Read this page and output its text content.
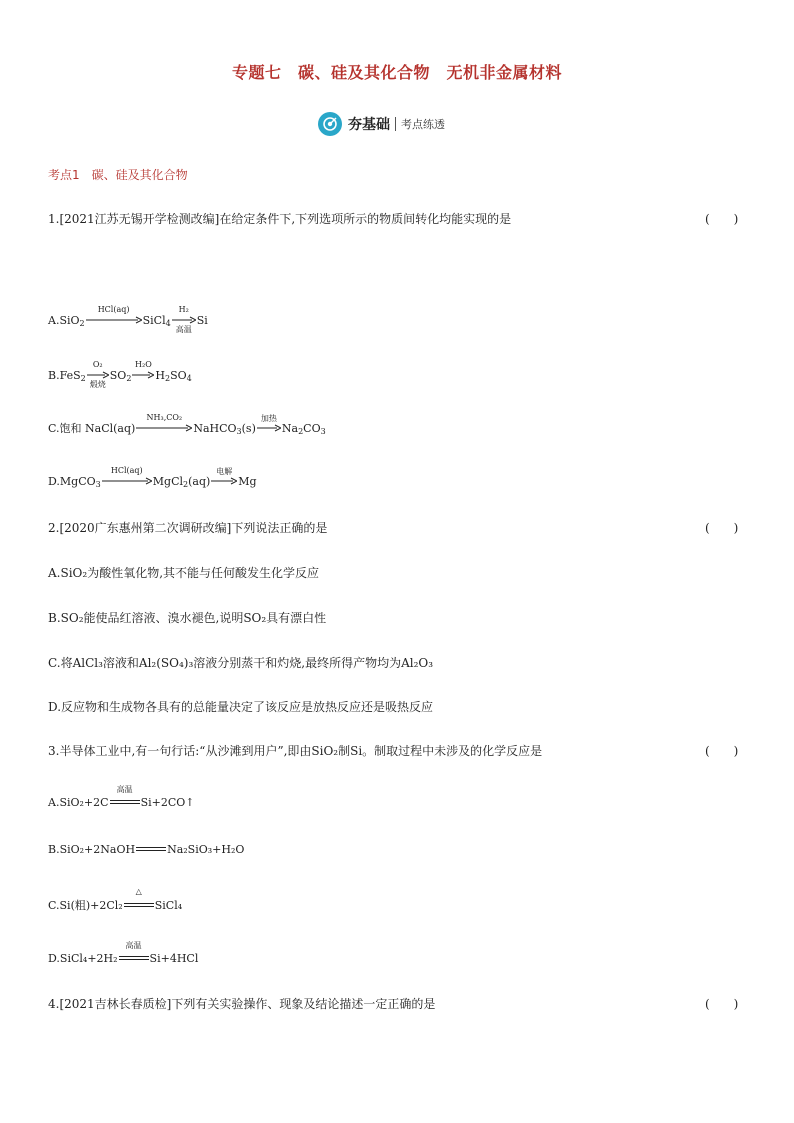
专题七　碳、硅及其化合物　无机非金属材料
夯基础 考点练透
考点1　碳、硅及其化合物
1.[2021江苏无锡开学检测改编]在给定条件下,下列选项所示的物质间转化均能实现的是	(　　)
A.SiO$_2$
HCl(aq)
SiCl$_4$
H₂
高温
Si
B.FeS$_2$
O₂
煅烧
$SO_2$
H₂O
$H_2SO_4$
C.饱和 NaCl(aq)
NH₃,CO₂
NaHCO$_3$(s)
加热
$Na_2CO_3$
D.MgCO$_3$
HCl(aq)
MgCl$_2$(aq)
电解
Mg
2.[2020广东惠州第二次调研改编]下列说法正确的是	(　　)
A.SiO₂为酸性氧化物,其不能与任何酸发生化学反应
B.SO₂能使品红溶液、溴水褪色,说明SO₂具有漂白性
C.将AlCl₃溶液和Al₂(SO₄)₃溶液分别蒸干和灼烧,最终所得产物均为Al₂O₃
D.反应物和生成物各具有的总能量决定了该反应是放热反应还是吸热反应
3.半导体工业中,有一句行话:“从沙滩到用户”,即由SiO₂制Si。制取过程中未涉及的化学反应是	(　　)
A.SiO₂+2C
高温
Si+2CO↑
B.SiO₂+2NaOH	Na₂SiO₃+H₂O
C.Si(粗)+2Cl₂
△
SiCl₄
D.SiCl₄+2H₂
高温
Si+4HCl
4.[2021吉林长春质检]下列有关实验操作、现象及结论描述一定正确的是	(　　)
